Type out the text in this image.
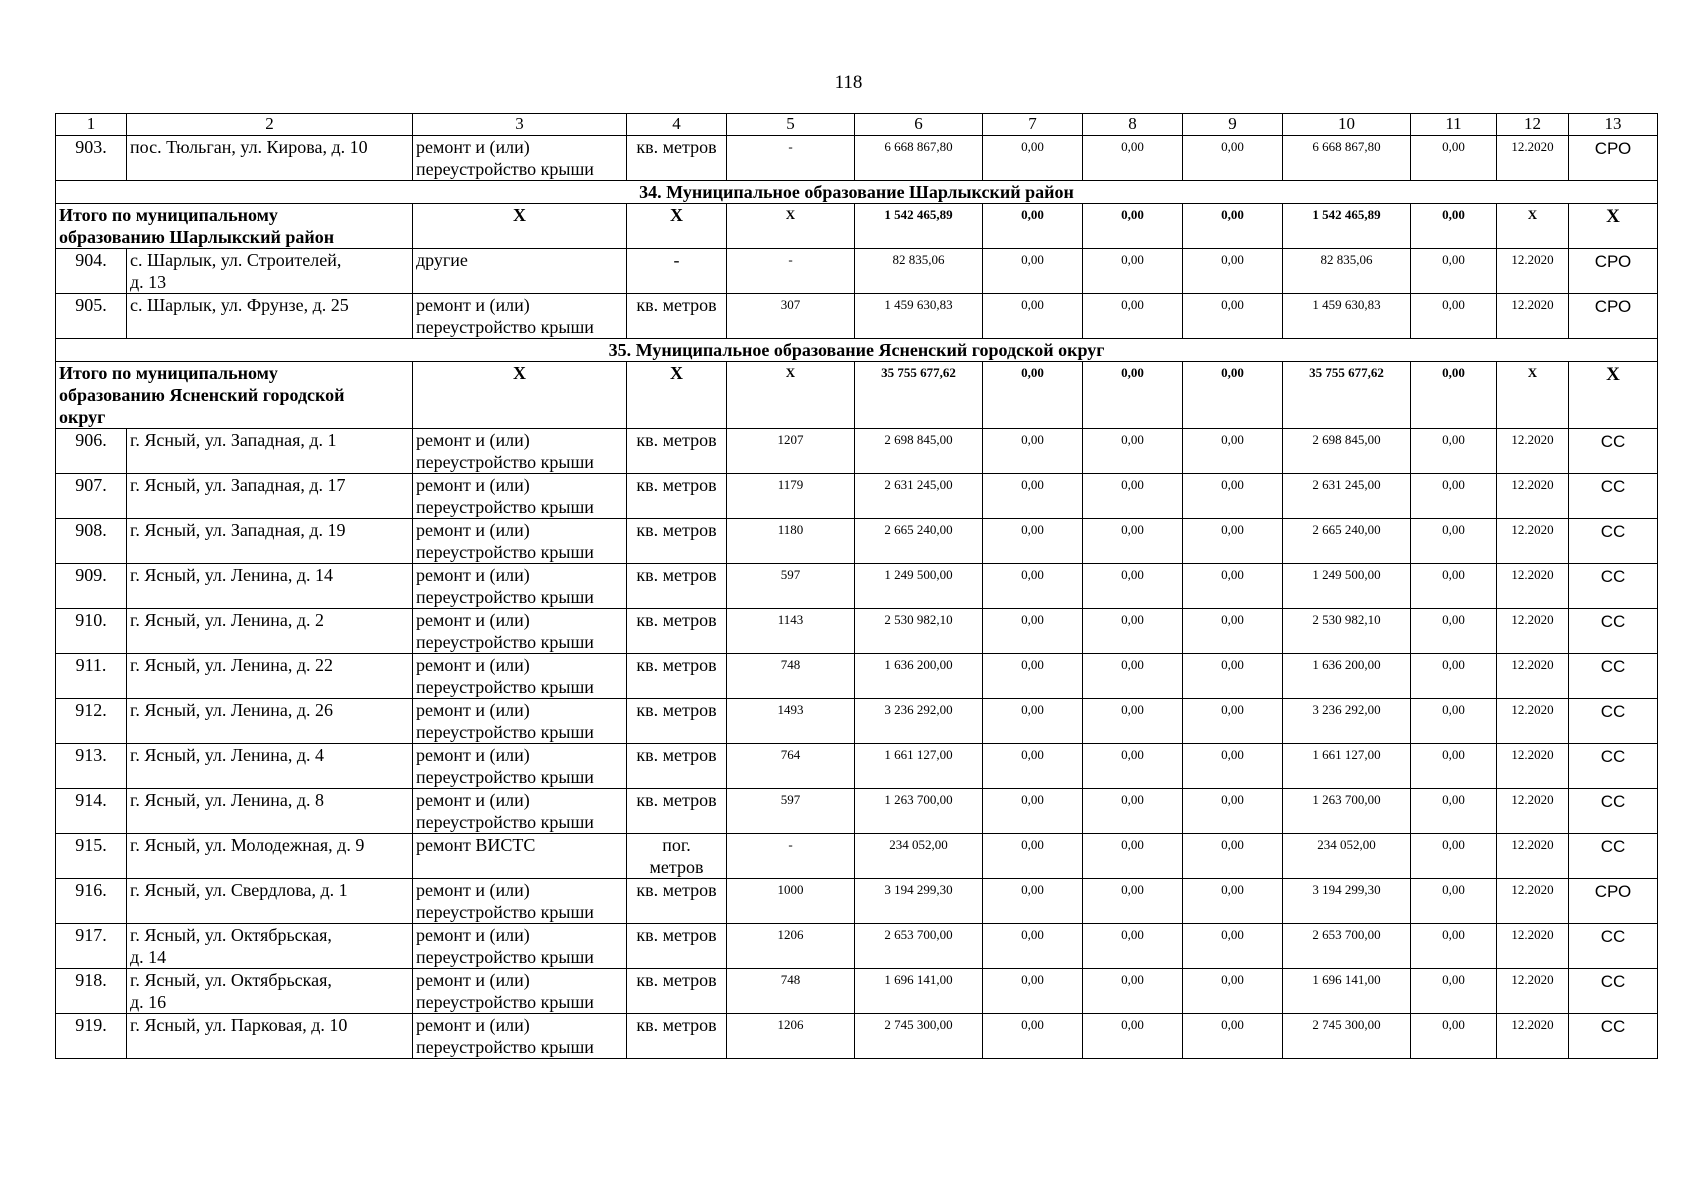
118
1	2	3	4	5	6	7	8	9	10	11	12	13
903.	пос. Тюльган, ул. Кирова, д. 10	ремонт и (или)
переустройство крыши	кв. метров	-	6 668 867,80	0,00	0,00	0,00	6 668 867,80	0,00	12.2020	СРО
34. Муниципальное образование Шарлыкский район												
Итого по муниципальному
образованию Шарлыкский район		Х	Х	Х	1 542 465,89	0,00	0,00	0,00	1 542 465,89	0,00	Х	Х
904.	с. Шарлык, ул. Строителей,
д. 13	другие	-	-	82 835,06	0,00	0,00	0,00	82 835,06	0,00	12.2020	СРО
905.	с. Шарлык, ул. Фрунзе, д. 25	ремонт и (или)
переустройство крыши	кв. метров	307	1 459 630,83	0,00	0,00	0,00	1 459 630,83	0,00	12.2020	СРО
35. Муниципальное образование Ясненский городской округ												
Итого по муниципальному
образованию Ясненский городской
округ		Х	Х	Х	35 755 677,62	0,00	0,00	0,00	35 755 677,62	0,00	Х	Х
906.	г. Ясный, ул. Западная, д. 1	ремонт и (или)
переустройство крыши	кв. метров	1207	2 698 845,00	0,00	0,00	0,00	2 698 845,00	0,00	12.2020	СС
907.	г. Ясный, ул. Западная, д. 17	ремонт и (или)
переустройство крыши	кв. метров	1179	2 631 245,00	0,00	0,00	0,00	2 631 245,00	0,00	12.2020	СС
908.	г. Ясный, ул. Западная, д. 19	ремонт и (или)
переустройство крыши	кв. метров	1180	2 665 240,00	0,00	0,00	0,00	2 665 240,00	0,00	12.2020	СС
909.	г. Ясный, ул. Ленина, д. 14	ремонт и (или)
переустройство крыши	кв. метров	597	1 249 500,00	0,00	0,00	0,00	1 249 500,00	0,00	12.2020	СС
910.	г. Ясный, ул. Ленина, д. 2	ремонт и (или)
переустройство крыши	кв. метров	1143	2 530 982,10	0,00	0,00	0,00	2 530 982,10	0,00	12.2020	СС
911.	г. Ясный, ул. Ленина, д. 22	ремонт и (или)
переустройство крыши	кв. метров	748	1 636 200,00	0,00	0,00	0,00	1 636 200,00	0,00	12.2020	СС
912.	г. Ясный, ул. Ленина, д. 26	ремонт и (или)
переустройство крыши	кв. метров	1493	3 236 292,00	0,00	0,00	0,00	3 236 292,00	0,00	12.2020	СС
913.	г. Ясный, ул. Ленина, д. 4	ремонт и (или)
переустройство крыши	кв. метров	764	1 661 127,00	0,00	0,00	0,00	1 661 127,00	0,00	12.2020	СС
914.	г. Ясный, ул. Ленина, д. 8	ремонт и (или)
переустройство крыши	кв. метров	597	1 263 700,00	0,00	0,00	0,00	1 263 700,00	0,00	12.2020	СС
915.	г. Ясный, ул. Молодежная, д. 9	ремонт ВИСТС	пог.
метров	-	234 052,00	0,00	0,00	0,00	234 052,00	0,00	12.2020	СС
916.	г. Ясный, ул. Свердлова, д. 1	ремонт и (или)
переустройство крыши	кв. метров	1000	3 194 299,30	0,00	0,00	0,00	3 194 299,30	0,00	12.2020	СРО
917.	г. Ясный, ул. Октябрьская,
д. 14	ремонт и (или)
переустройство крыши	кв. метров	1206	2 653 700,00	0,00	0,00	0,00	2 653 700,00	0,00	12.2020	СС
918.	г. Ясный, ул. Октябрьская,
д. 16	ремонт и (или)
переустройство крыши	кв. метров	748	1 696 141,00	0,00	0,00	0,00	1 696 141,00	0,00	12.2020	СС
919.	г. Ясный, ул. Парковая, д. 10	ремонт и (или)
переустройство крыши	кв. метров	1206	2 745 300,00	0,00	0,00	0,00	2 745 300,00	0,00	12.2020	СС
